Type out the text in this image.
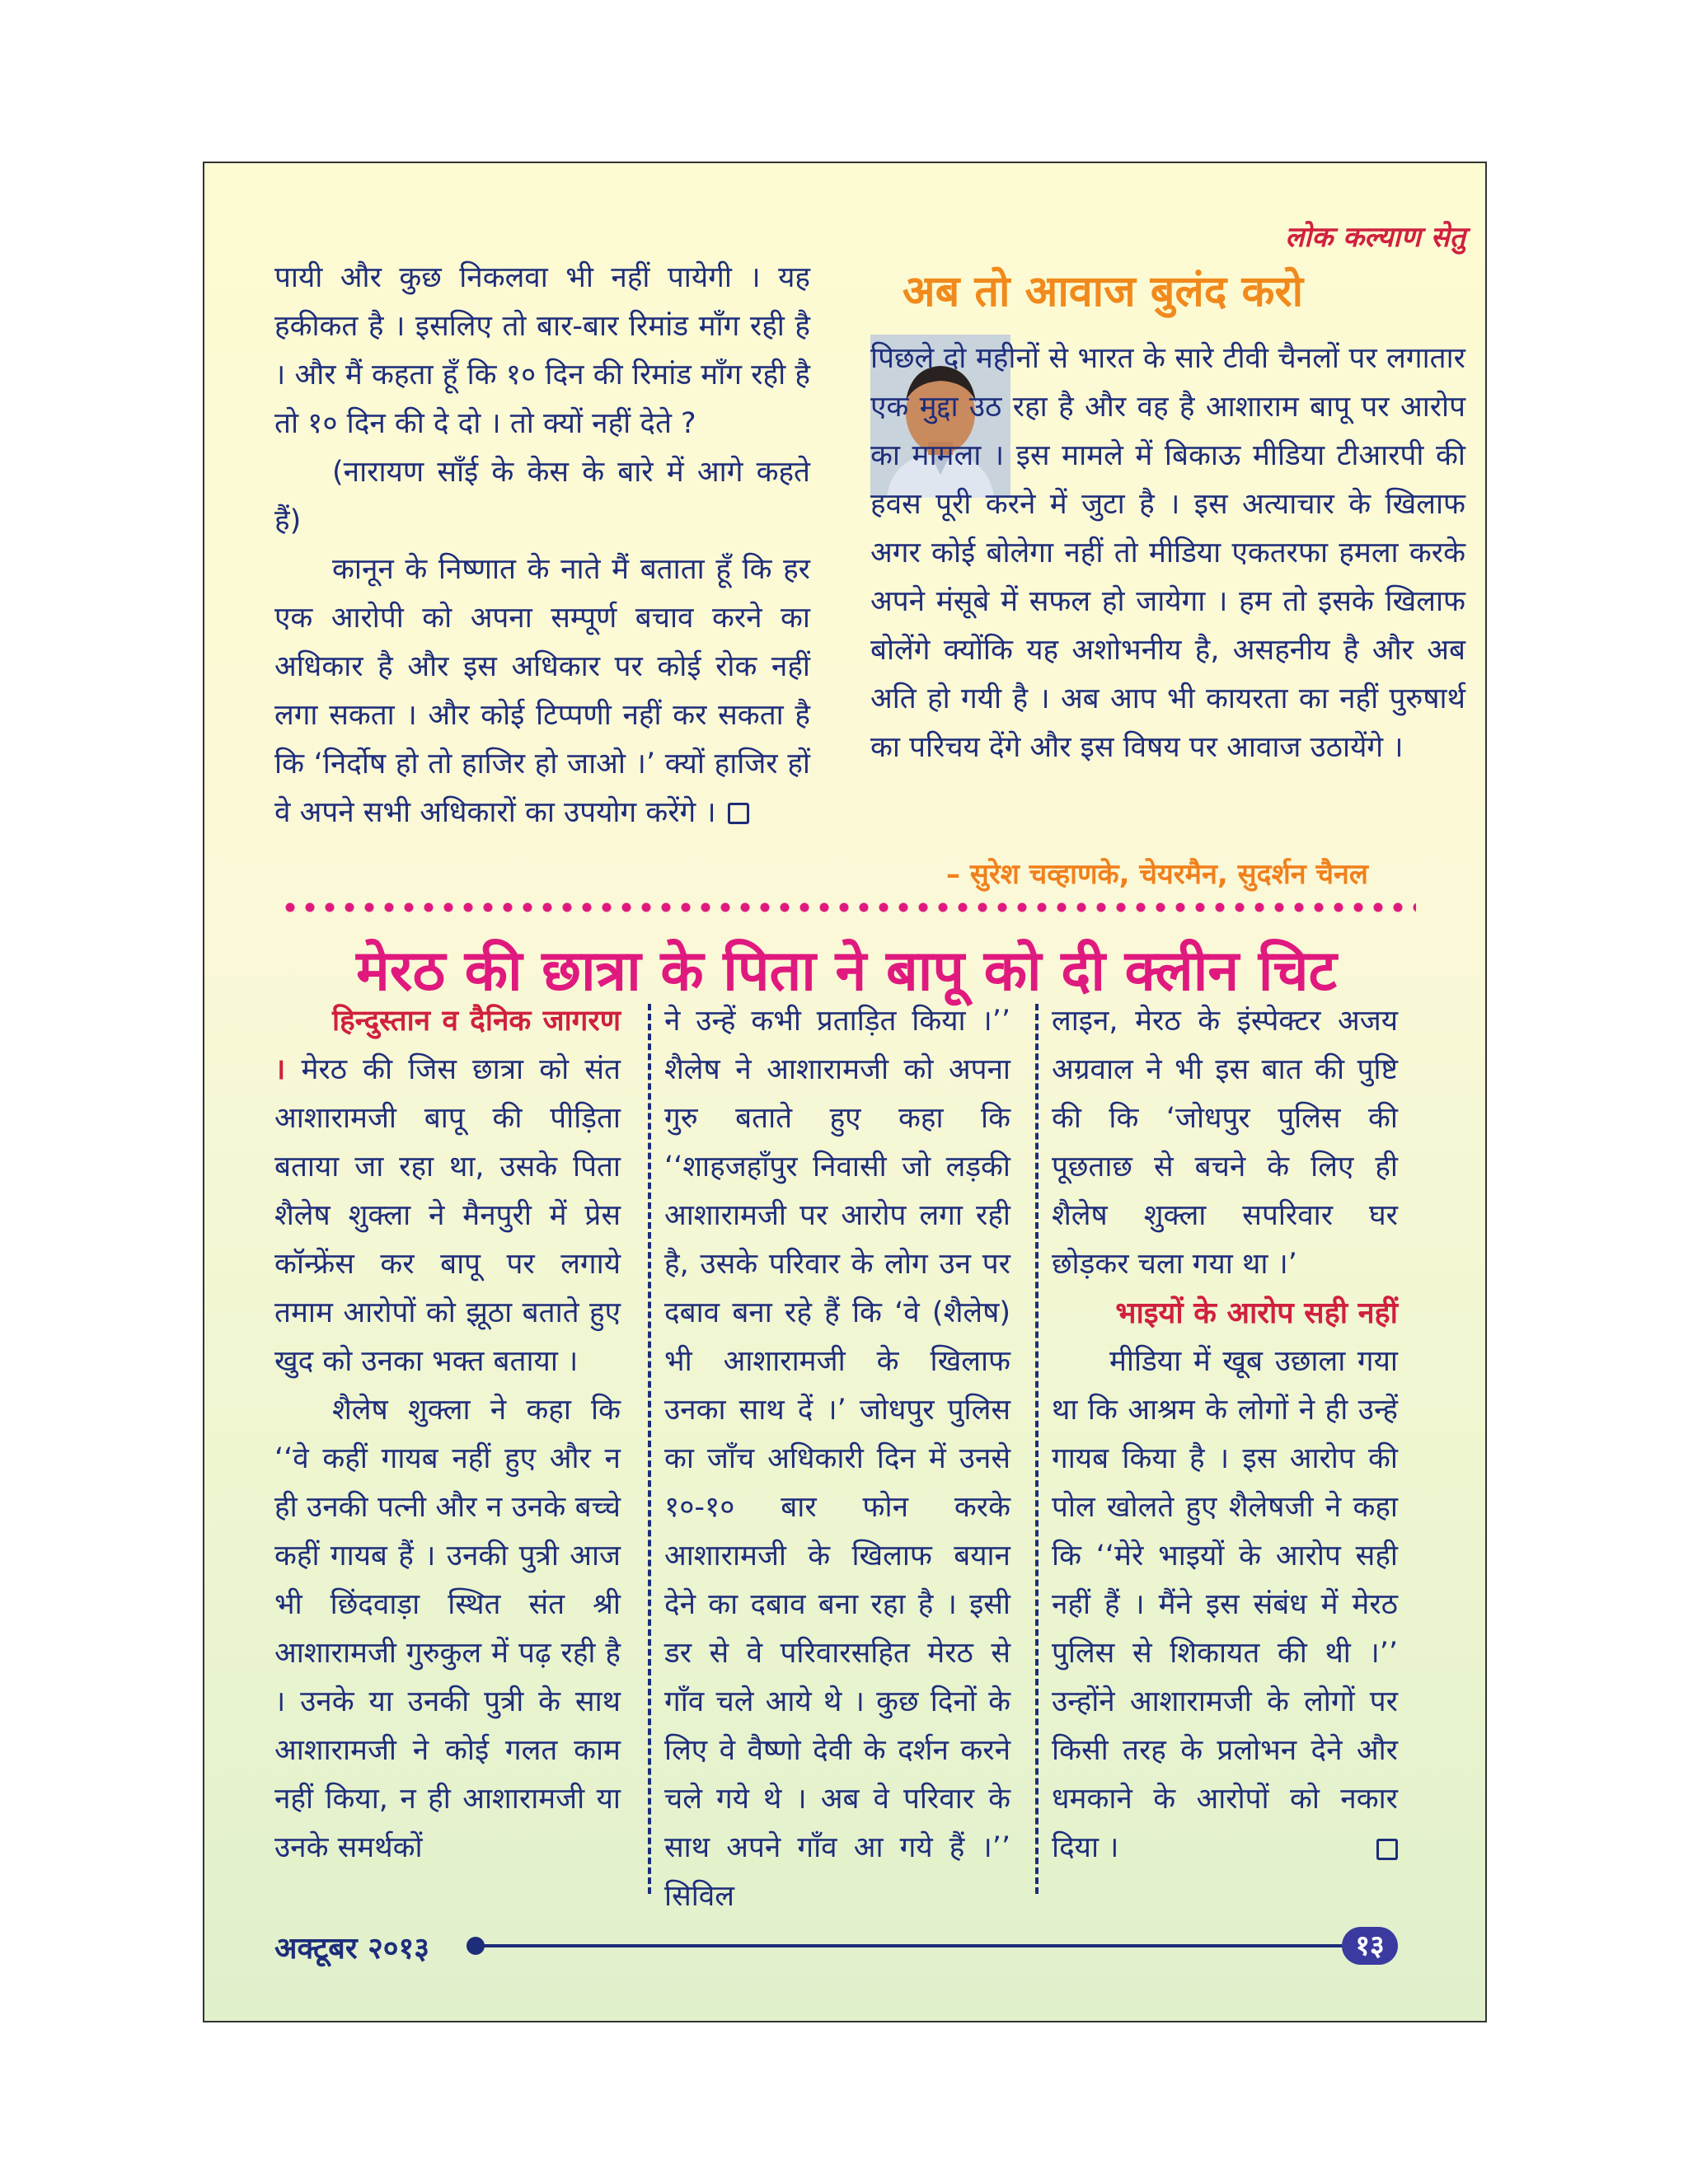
पायी और कुछ निकलवा भी नहीं पायेगी । यह हकीकत है । इसलिए तो बार-बार रिमांड माँग रही है । और मैं कहता हूँ कि १० दिन की रिमांड माँग रही है तो १० दिन की दे दो । तो क्यों नहीं देते ?

(नारायण साँई के केस के बारे में आगे कहते हैं)

कानून के निष्णात के नाते मैं बताता हूँ कि हर एक आरोपी को अपना सम्पूर्ण बचाव करने का अधिकार है और इस अधिकार पर कोई रोक नहीं लगा सकता । और कोई टिप्पणी नहीं कर सकता है कि ‘निर्दोष हो तो हाजिर हो जाओ ।’ क्यों हाजिर हों वे अपने सभी अधिकारों का उपयोग करेंगे ।

लोक कल्याण सेतु
अब तो आवाज बुलंद करो
पिछले दो महीनों से भारत के सारे टीवी चैनलों पर लगातार एक मुद्दा उठ रहा है और वह है आशाराम बापू पर आरोप का मामला । इस मामले में बिकाऊ मीडिया टीआरपी की हवस पूरी करने में जुटा है । इस अत्याचार के खिलाफ अगर कोई बोलेगा नहीं तो मीडिया एकतरफा हमला करके अपने मंसूबे में सफल हो जायेगा । हम तो इसके खिलाफ बोलेंगे क्योंकि यह अशोभनीय है, असहनीय है और अब अति हो गयी है । अब आप भी कायरता का नहीं पुरुषार्थ का परिचय देंगे और इस विषय पर आवाज उठायेंगे ।
– सुरेश चव्हाणके, चेयरमैन, सुदर्शन चैनल
मेरठ की छात्रा के पिता ने बापू को दी क्लीन चिट

हिन्दुस्तान व दैनिक जागरण । मेरठ की जिस छात्रा को संत आशारामजी बापू की पीड़िता बताया जा रहा था, उसके पिता शैलेष शुक्ला ने मैनपुरी में प्रेस कॉन्फ्रेंस कर बापू पर लगाये तमाम आरोपों को झूठा बताते हुए खुद को उनका भक्त बताया ।

शैलेष शुक्ला ने कहा कि ‘‘वे कहीं गायब नहीं हुए और न ही उनकी पत्नी और न उनके बच्चे कहीं गायब हैं । उनकी पुत्री आज भी छिंदवाड़ा स्थित संत श्री आशारामजी गुरुकुल में पढ़ रही है । उनके या उनकी पुत्री के साथ आशारामजी ने कोई गलत काम नहीं किया, न ही आशारामजी या उनके समर्थकों

ने उन्हें कभी प्रताड़ित किया ।’’ शैलेष ने आशारामजी को अपना गुरु बताते हुए कहा कि ‘‘शाहजहाँपुर निवासी जो लड़की आशारामजी पर आरोप लगा रही है, उसके परिवार के लोग उन पर दबाव बना रहे हैं कि ‘वे (शैलेष) भी आशारामजी के खिलाफ उनका साथ दें ।’ जोधपुर पुलिस का जाँच अधिकारी दिन में उनसे १०-१० बार फोन करके आशारामजी के खिलाफ बयान देने का दबाव बना रहा है । इसी डर से वे परिवारसहित मेरठ से गाँव चले आये थे । कुछ दिनों के लिए वे वैष्णो देवी के दर्शन करने चले गये थे । अब वे परिवार के साथ अपने गाँव आ गये हैं ।’’ सिविल

लाइन, मेरठ के इंस्पेक्टर अजय अग्रवाल ने भी इस बात की पुष्टि की कि ‘जोधपुर पुलिस की पूछताछ से बचने के लिए ही शैलेष शुक्ला सपरिवार घर छोड़कर चला गया था ।’

भाइयों के आरोप सही नहीं

मीडिया में खूब उछाला गया था कि आश्रम के लोगों ने ही उन्हें गायब किया है । इस आरोप की पोल खोलते हुए शैलेषजी ने कहा कि ‘‘मेरे भाइयों के आरोप सही नहीं हैं । मैंने इस संबंध में मेरठ पुलिस से शिकायत की थी ।’’ उन्होंने आशारामजी के लोगों पर किसी तरह के प्रलोभन देने और धमकाने के आरोपों को नकार दिया ।

अक्टूबर २०१३	१३
